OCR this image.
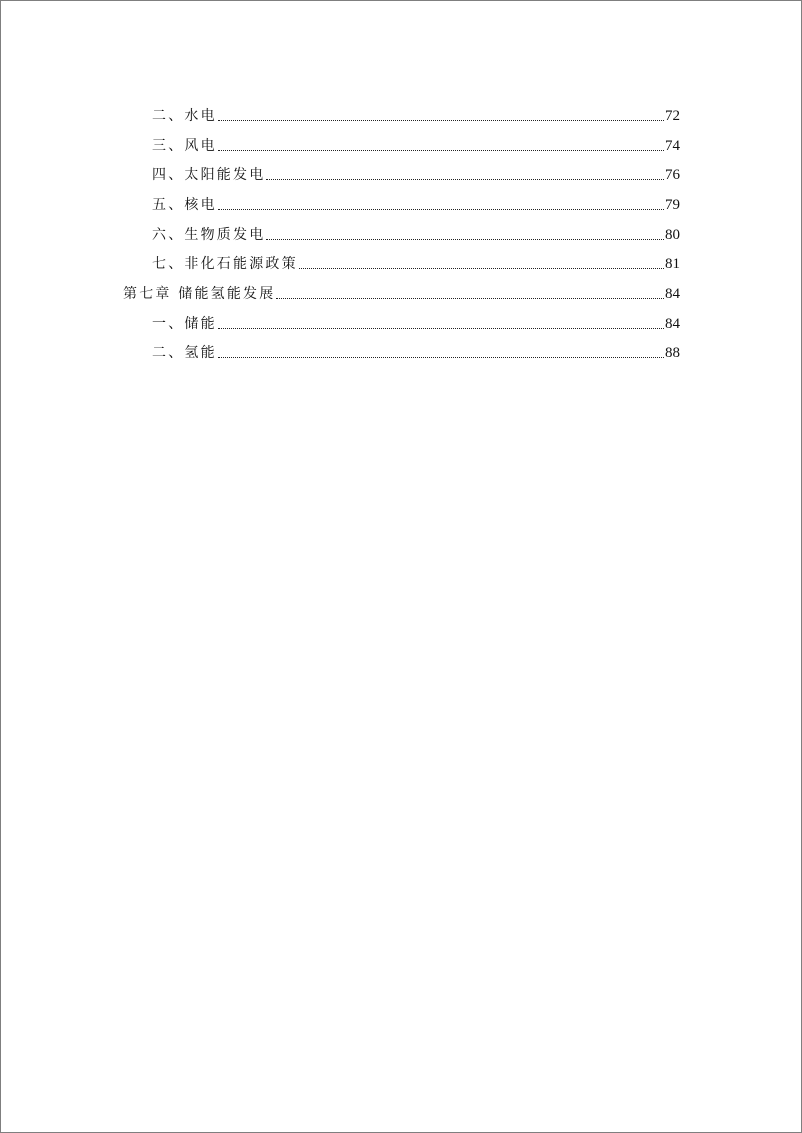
二、水电	72
三、风电	74
四、太阳能发电	76
五、核电	79
六、生物质发电	80
七、非化石能源政策	81
第七章 储能氢能发展	84
一、储能	84
二、氢能	88
